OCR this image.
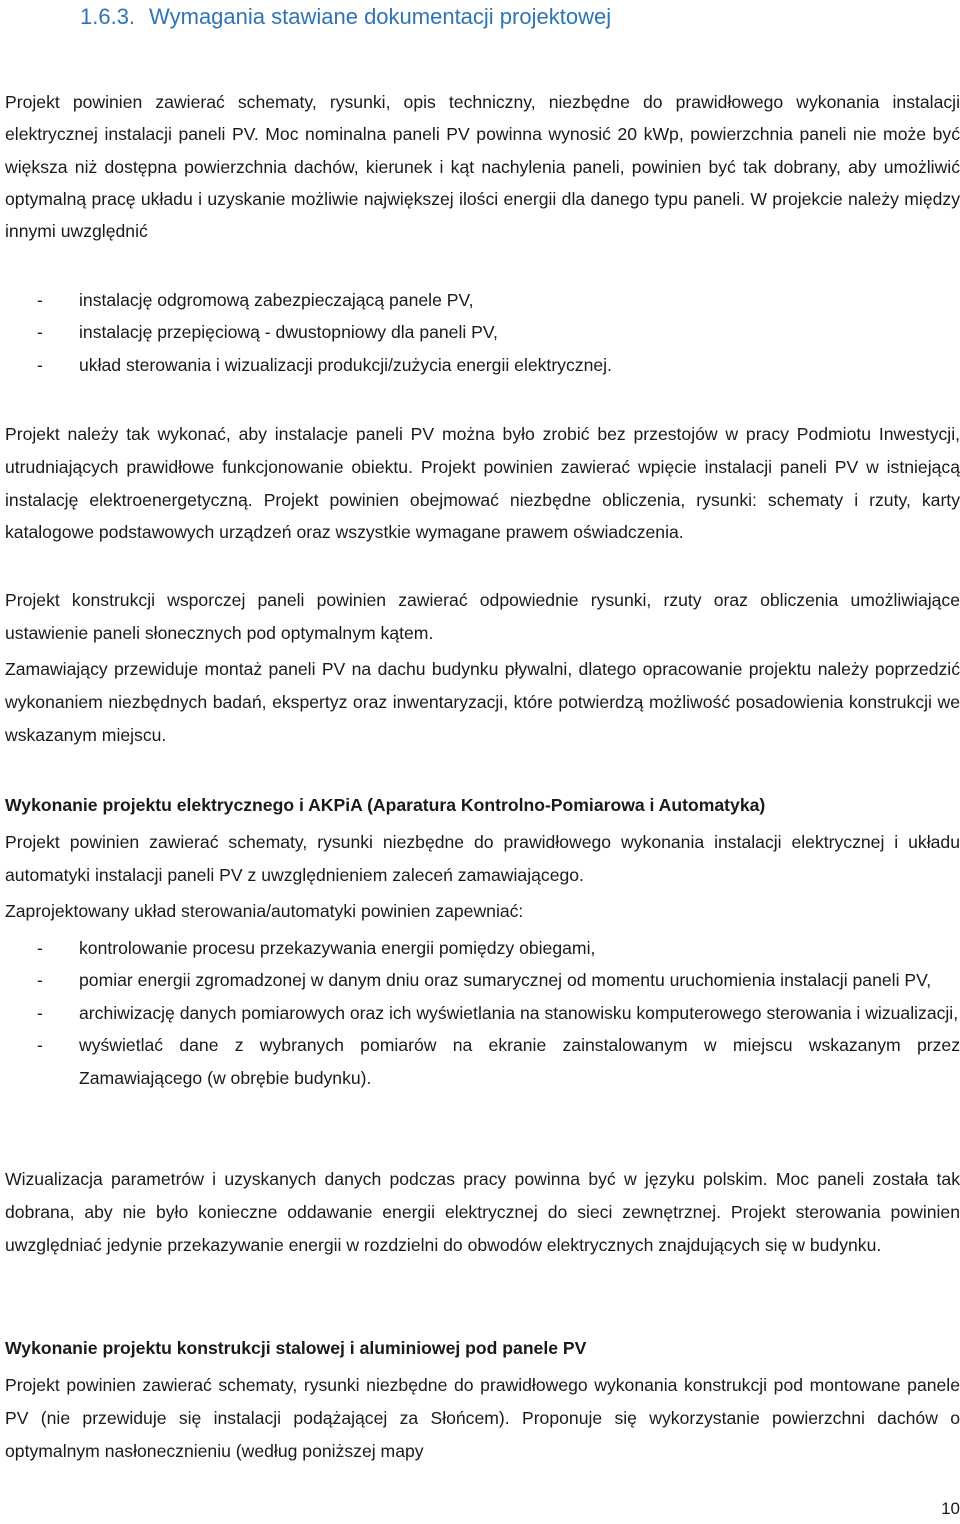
1.6.3. Wymagania stawiane dokumentacji projektowej

Projekt powinien zawierać schematy, rysunki, opis techniczny, niezbędne do prawidłowego wykonania instalacji elektrycznej instalacji paneli PV. Moc nominalna paneli PV powinna wynosić 20 kWp, powierzchnia paneli nie może być większa niż dostępna powierzchnia dachów, kierunek i kąt nachylenia paneli, powinien być tak dobrany, aby umożliwić optymalną pracę układu i uzyskanie możliwie największej ilości energii dla danego typu paneli. W projekcie należy między innymi uwzględnić

- instalację odgromową zabezpieczającą panele PV,
- instalację przepięciową - dwustopniowy dla paneli PV,
- układ sterowania i wizualizacji produkcji/zużycia energii elektrycznej.

Projekt należy tak wykonać, aby instalacje paneli PV można było zrobić bez przestojów w pracy Podmiotu Inwestycji, utrudniających prawidłowe funkcjonowanie obiektu. Projekt powinien zawierać wpięcie instalacji paneli PV w istniejącą instalację elektroenergetyczną. Projekt powinien obejmować niezbędne obliczenia, rysunki: schematy i rzuty, karty katalogowe podstawowych urządzeń oraz wszystkie wymagane prawem oświadczenia.

Projekt konstrukcji wsporczej paneli powinien zawierać odpowiednie rysunki, rzuty oraz obliczenia umożliwiające ustawienie paneli słonecznych pod optymalnym kątem.

Zamawiający przewiduje montaż paneli PV na dachu budynku pływalni, dlatego opracowanie projektu należy poprzedzić wykonaniem niezbędnych badań, ekspertyz oraz inwentaryzacji, które potwierdzą możliwość posadowienia konstrukcji we wskazanym miejscu.

Wykonanie projektu elektrycznego i AKPiA (Aparatura Kontrolno-Pomiarowa i Automatyka)

Projekt powinien zawierać schematy, rysunki niezbędne do prawidłowego wykonania instalacji elektrycznej i układu automatyki instalacji paneli PV z uwzględnieniem zaleceń zamawiającego.

Zaprojektowany układ sterowania/automatyki powinien zapewniać:

- kontrolowanie procesu przekazywania energii pomiędzy obiegami,
- pomiar energii zgromadzonej w danym dniu oraz sumarycznej od momentu uruchomienia instalacji paneli PV,
- archiwizację danych pomiarowych oraz ich wyświetlania na stanowisku komputerowego sterowania i wizualizacji,
- wyświetlać dane z wybranych pomiarów na ekranie zainstalowanym w miejscu wskazanym przez Zamawiającego (w obrębie budynku).

Wizualizacja parametrów i uzyskanych danych podczas pracy powinna być w języku polskim. Moc paneli została tak dobrana, aby nie było konieczne oddawanie energii elektrycznej do sieci zewnętrznej. Projekt sterowania powinien uwzględniać jedynie przekazywanie energii w rozdzielni do obwodów elektrycznych znajdujących się w budynku.

Wykonanie projektu konstrukcji stalowej i aluminiowej pod panele PV

Projekt powinien zawierać schematy, rysunki niezbędne do prawidłowego wykonania konstrukcji pod montowane panele PV (nie przewiduje się instalacji podążającej za Słońcem). Proponuje się wykorzystanie powierzchni dachów o optymalnym nasłonecznieniu (według poniższej mapy

10
